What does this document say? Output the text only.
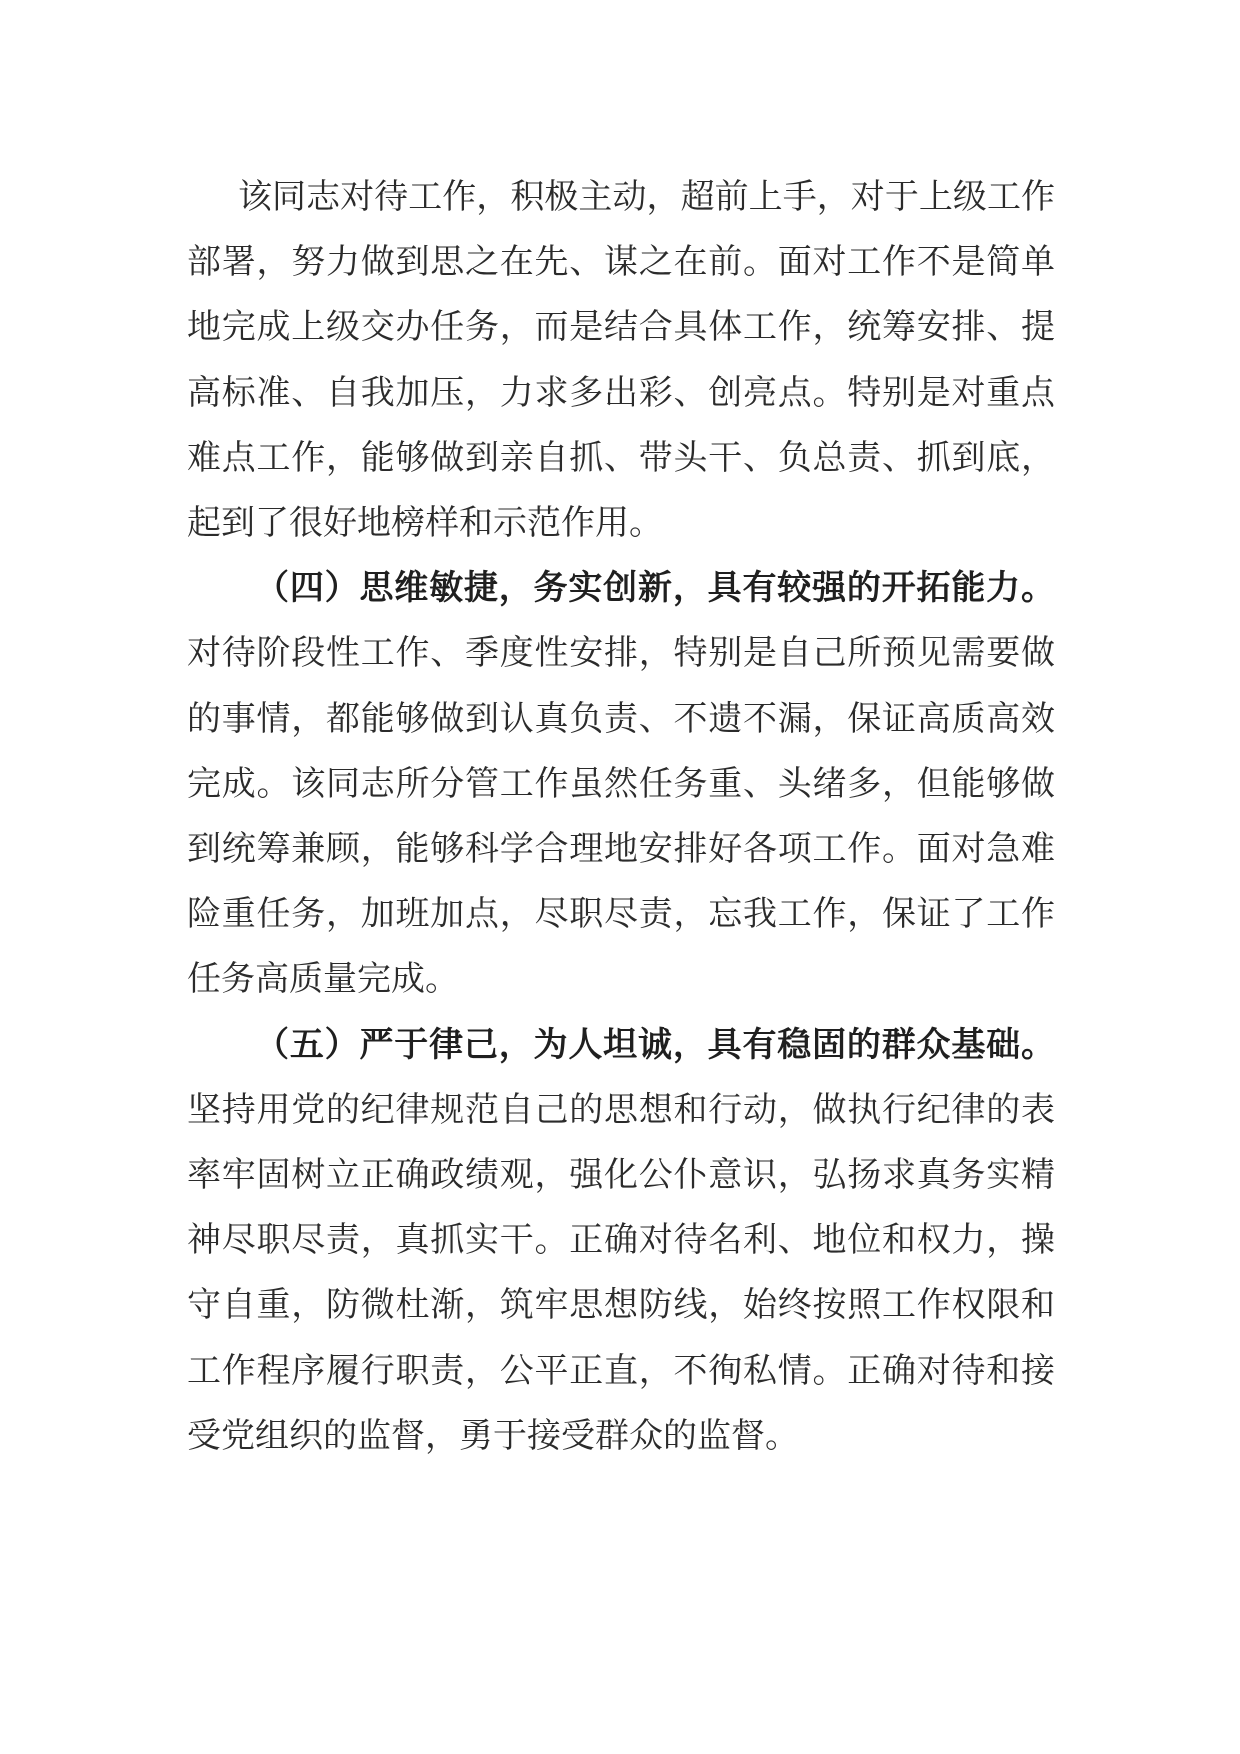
该同志对待工作，积极主动，超前上手，对于上级工作部署，努力做到思之在先、谋之在前。面对工作不是简单地完成上级交办任务，而是结合具体工作，统筹安排、提高标准、自我加压，力求多出彩、创亮点。特别是对重点难点工作，能够做到亲自抓、带头干、负总责、抓到底，起到了很好地榜样和示范作用。

（四）思维敏捷，务实创新，具有较强的开拓能力。对待阶段性工作、季度性安排，特别是自己所预见需要做的事情，都能够做到认真负责、不遗不漏，保证高质高效完成。该同志所分管工作虽然任务重、头绪多，但能够做到统筹兼顾，能够科学合理地安排好各项工作。面对急难险重任务，加班加点，尽职尽责，忘我工作，保证了工作任务高质量完成。

（五）严于律己，为人坦诚，具有稳固的群众基础。坚持用党的纪律规范自己的思想和行动，做执行纪律的表率牢固树立正确政绩观，强化公仆意识，弘扬求真务实精神尽职尽责，真抓实干。正确对待名利、地位和权力，操守自重，防微杜渐，筑牢思想防线，始终按照工作权限和工作程序履行职责，公平正直，不徇私情。正确对待和接受党组织的监督，勇于接受群众的监督。
